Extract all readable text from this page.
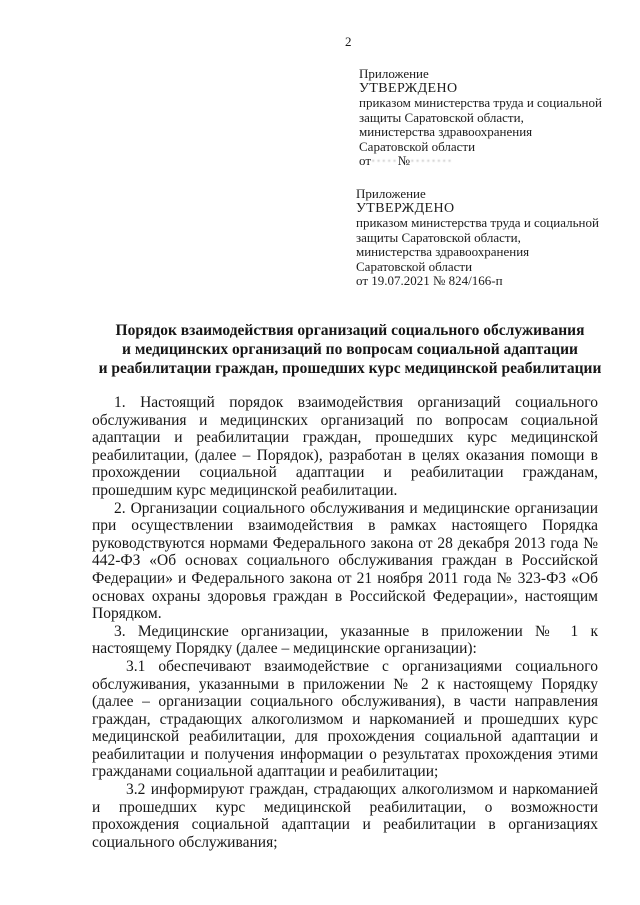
2
Приложение
УТВЕРЖДЕНО
приказом министерства труда и социальной
защиты Саратовской области,
министерства здравоохранения
Саратовской области
от·····№········
Приложение
УТВЕРЖДЕНО
приказом министерства труда и социальной
защиты Саратовской области,
министерства здравоохранения
Саратовской области
от 19.07.2021 № 824/166-п
Порядок взаимодействия организаций социального обслуживания
и медицинских организаций по вопросам социальной адаптации
и реабилитации граждан, прошедших курс медицинской реабилитации

1. Настоящий порядок взаимодействия организаций социального обслуживания и медицинских организаций по вопросам социальной адаптации и реабилитации граждан, прошедших курс медицинской реабилитации, (далее – Порядок), разработан в целях оказания помощи в прохождении социальной адаптации и реабилитации гражданам, прошедшим курс медицинской реабилитации.

2. Организации социального обслуживания и медицинские организации при осуществлении взаимодействия в рамках настоящего Порядка руководствуются нормами Федерального закона от 28 декабря 2013 года № 442-ФЗ «Об основах социального обслуживания граждан в Российской Федерации» и Федерального закона от 21 ноября 2011 года № 323-ФЗ «Об основах охраны здоровья граждан в Российской Федерации», настоящим Порядком.

3. Медицинские организации, указанные в приложении № 1 к настоящему Порядку (далее – медицинские организации):

3.1 обеспечивают взаимодействие с организациями социального обслуживания, указанными в приложении № 2 к настоящему Порядку (далее – организации социального обслуживания), в части направления граждан, страдающих алкоголизмом и наркоманией и прошедших курс медицинской реабилитации, для прохождения социальной адаптации и реабилитации и получения информации о результатах прохождения этими гражданами социальной адаптации и реабилитации;

3.2 информируют граждан, страдающих алкоголизмом и наркоманией и прошедших курс медицинской реабилитации, о возможности прохождения социальной адаптации и реабилитации в организациях социального обслуживания;
